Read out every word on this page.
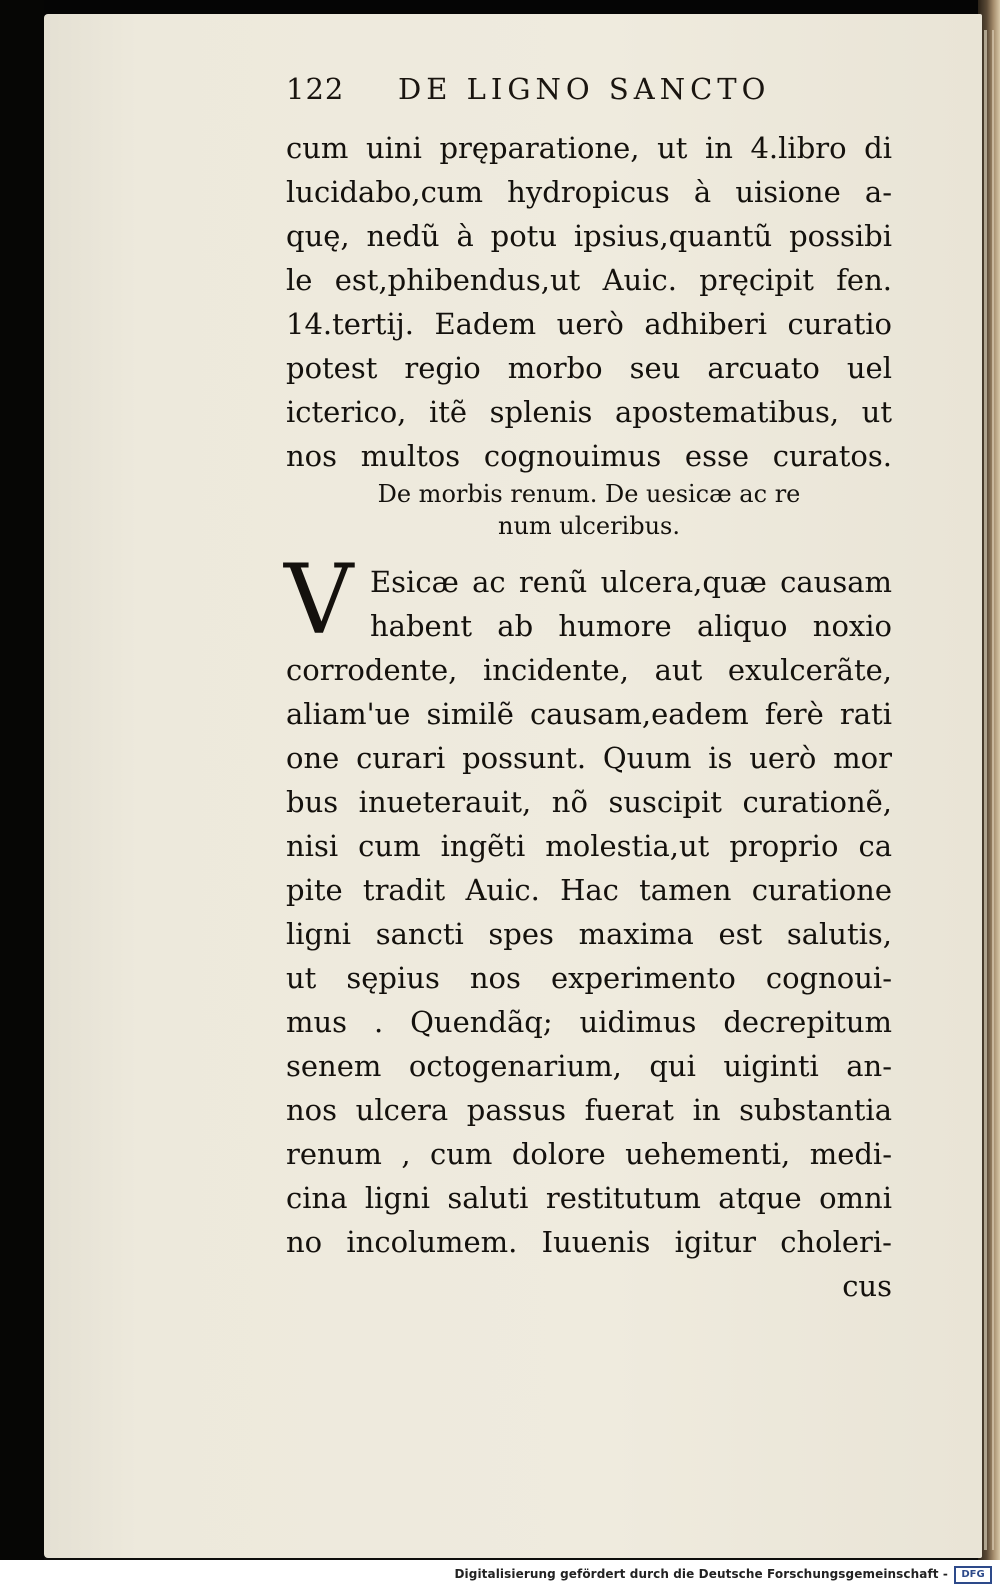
122 DE LIGNO SANCTO
cum uini pręparatione, ut in 4.libro di
lucidabo,cum hydropicus à uisione a-
quę, nedũ à potu ipsius,quantũ possibi
le est,phibendus,ut Auic. pręcipit fen.
14.tertij. Eadem uerò adhiberi curatio
potest regio morbo seu arcuato uel
icterico, itẽ splenis apostematibus, ut
nos multos cognouimus esse curatos.
De morbis renum. De uesicæ ac re
num ulceribus.
V Esicæ ac renũ ulcera,quæ causam
habent ab humore aliquo noxio
corrodente, incidente, aut exulcerãte,
aliam'ue similẽ causam,eadem ferè rati
one curari possunt. Quum is uerò mor
bus inueterauit, nõ suscipit curationẽ,
nisi cum ingẽti molestia,ut proprio ca
pite tradit Auic. Hac tamen curatione
ligni sancti spes maxima est salutis,
ut sępius nos experimento cognoui-
mus . Quendãq; uidimus decrepitum
senem octogenarium, qui uiginti an-
nos ulcera passus fuerat in substantia
renum , cum dolore uehementi, medi-
cina ligni saluti restitutum atque omni
no incolumem. Iuuenis igitur choleri-
cus
Digitalisierung gefördert durch die Deutsche Forschungsgemeinschaft -	DFG
